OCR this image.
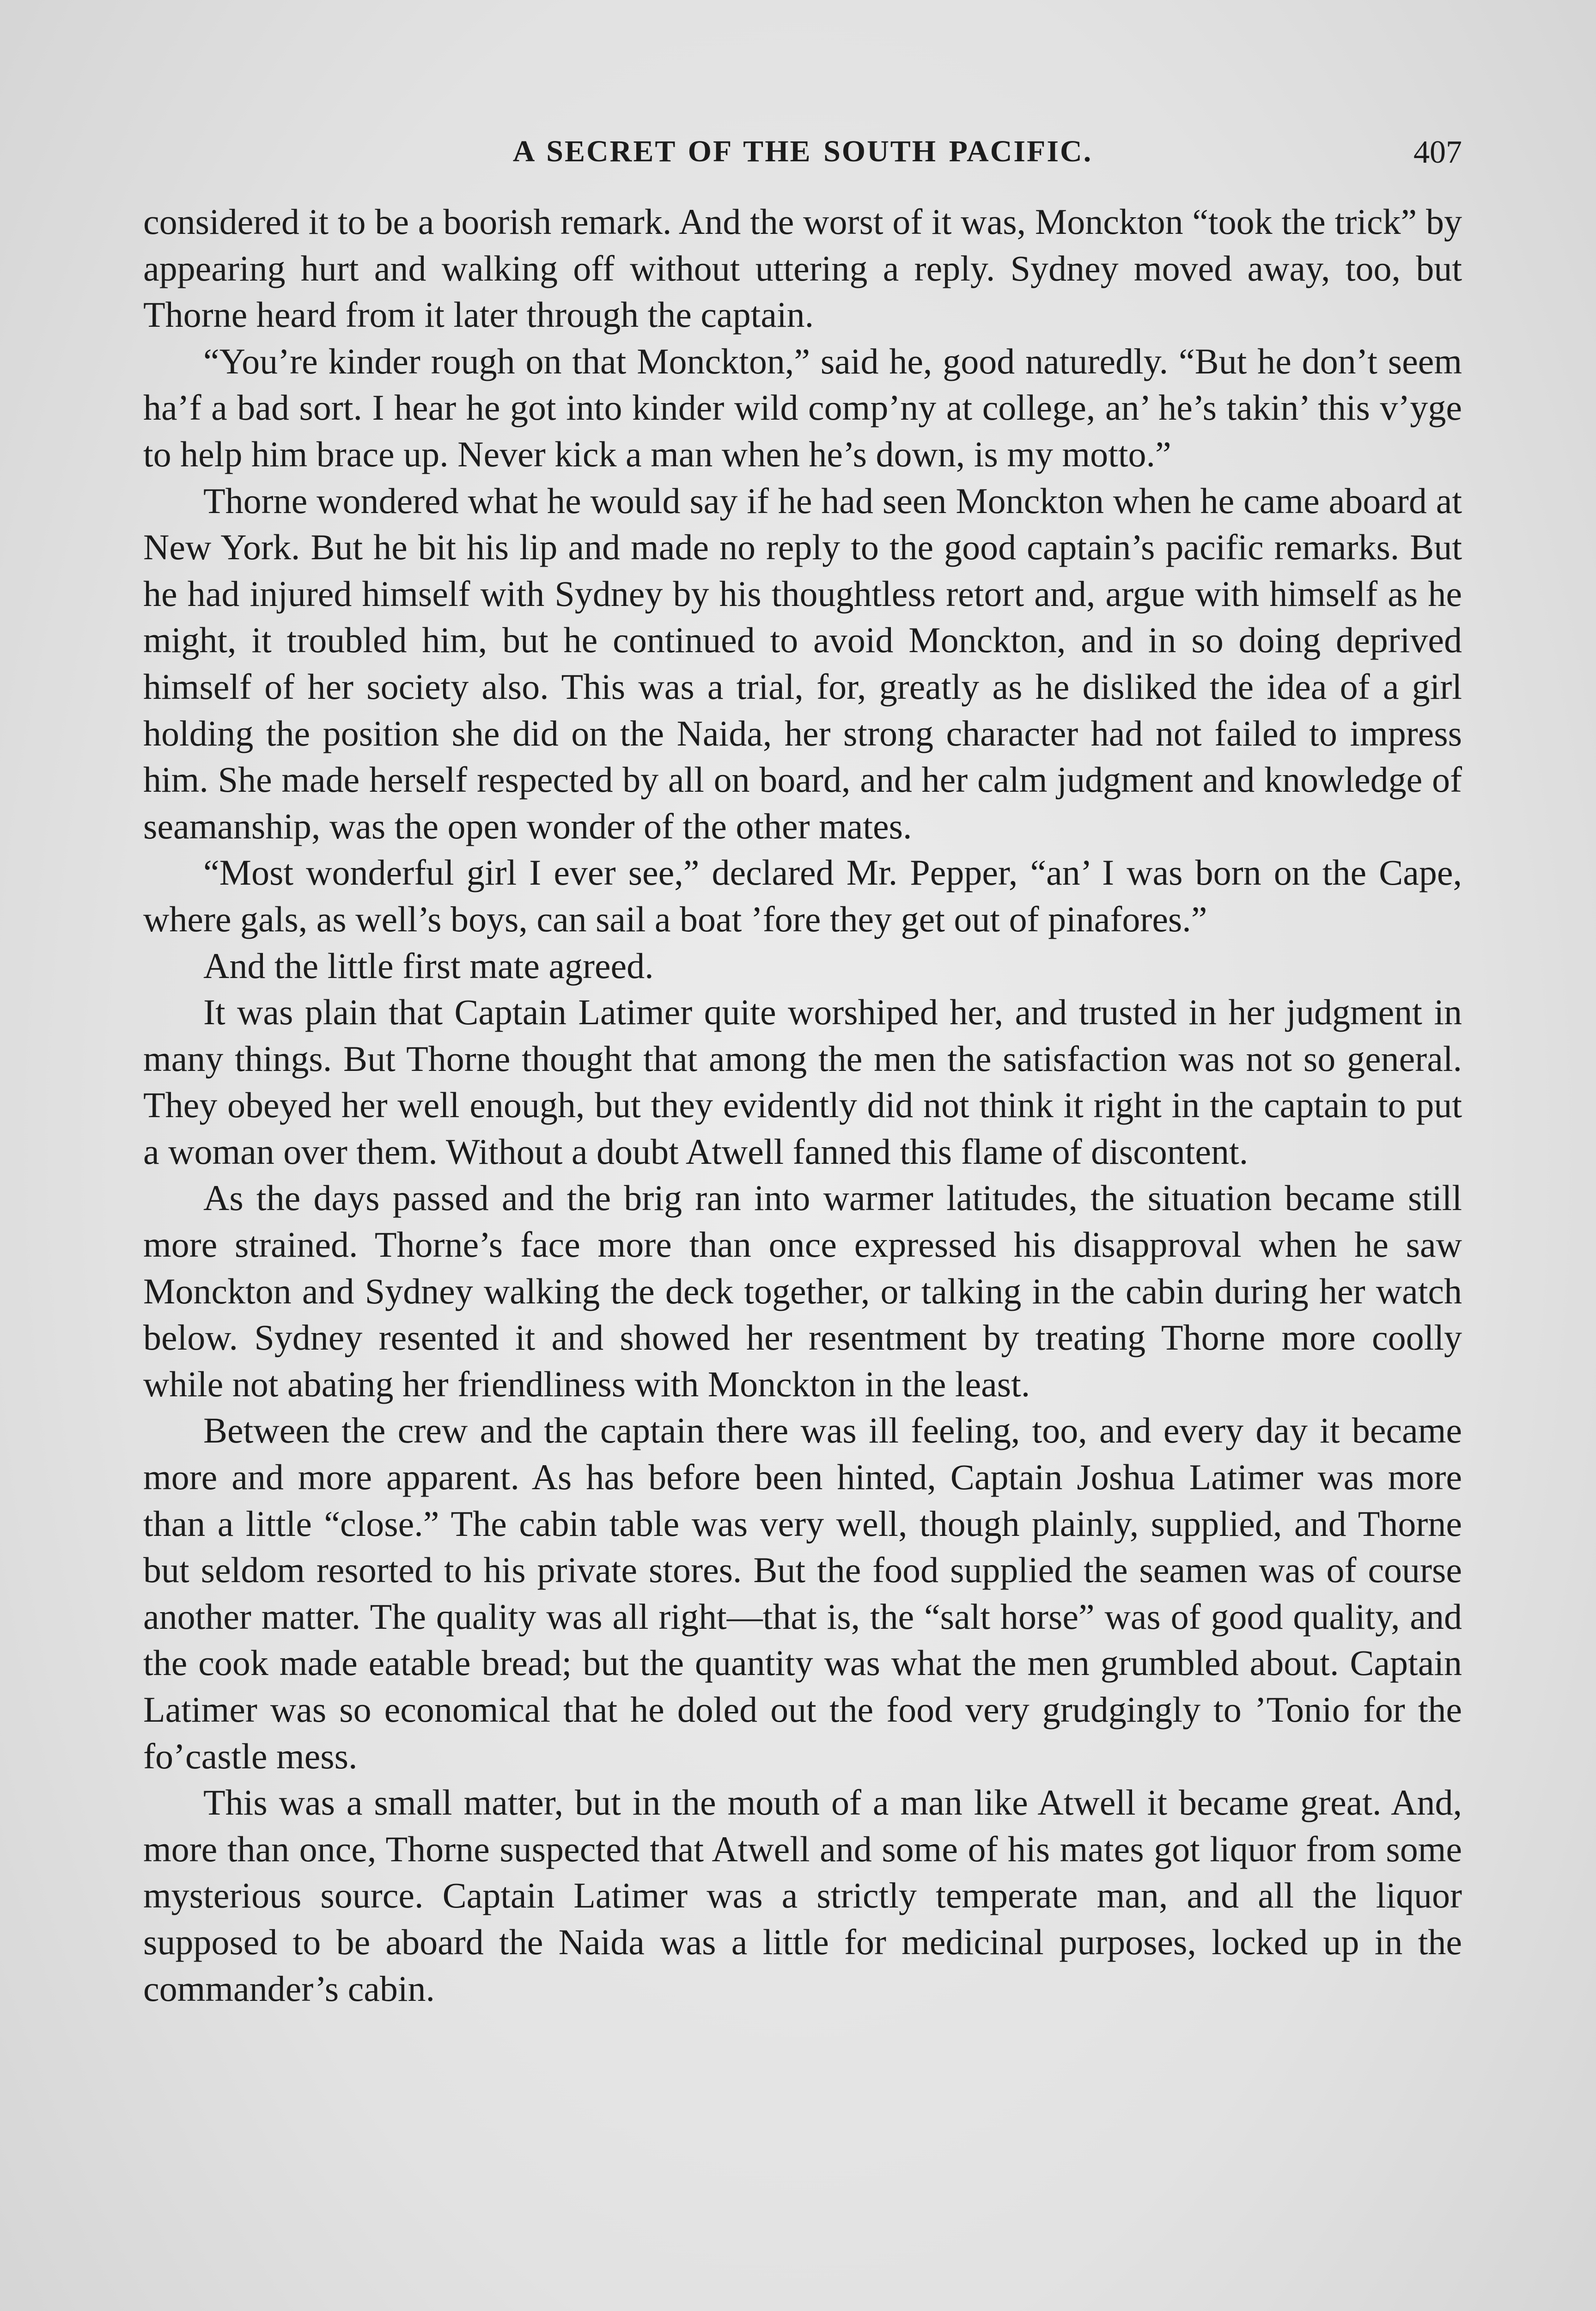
A SECRET OF THE SOUTH PACIFIC.	407

considered it to be a boorish remark. And the worst of it was, Monckton “took the trick” by appearing hurt and walking off without uttering a reply. Sydney moved away, too, but Thorne heard from it later through the captain.

“You’re kinder rough on that Monckton,” said he, good naturedly. “But he don’t seem ha’f a bad sort. I hear he got into kinder wild comp’ny at college, an’ he’s takin’ this v’yge to help him brace up. Never kick a man when he’s down, is my motto.”

Thorne wondered what he would say if he had seen Monckton when he came aboard at New York. But he bit his lip and made no reply to the good captain’s pacific remarks. But he had injured himself with Sydney by his thoughtless retort and, argue with himself as he might, it troubled him, but he continued to avoid Monckton, and in so doing deprived himself of her society also. This was a trial, for, greatly as he disliked the idea of a girl holding the position she did on the Naida, her strong character had not failed to impress him. She made herself respected by all on board, and her calm judgment and knowledge of seamanship, was the open wonder of the other mates.

“Most wonderful girl I ever see,” declared Mr. Pepper, “an’ I was born on the Cape, where gals, as well’s boys, can sail a boat ’fore they get out of pinafores.”

And the little first mate agreed.

It was plain that Captain Latimer quite worshiped her, and trusted in her judgment in many things. But Thorne thought that among the men the satisfaction was not so general. They obeyed her well enough, but they evidently did not think it right in the captain to put a woman over them. Without a doubt Atwell fanned this flame of discontent.

As the days passed and the brig ran into warmer latitudes, the situation became still more strained. Thorne’s face more than once expressed his disapproval when he saw Monckton and Sydney walking the deck together, or talking in the cabin during her watch below. Sydney resented it and showed her resentment by treating Thorne more coolly while not abating her friendliness with Monckton in the least.

Between the crew and the captain there was ill feeling, too, and every day it became more and more apparent. As has before been hinted, Captain Joshua Latimer was more than a little “close.” The cabin table was very well, though plainly, supplied, and Thorne but seldom resorted to his private stores. But the food supplied the seamen was of course another matter. The quality was all right—that is, the “salt horse” was of good quality, and the cook made eatable bread; but the quantity was what the men grumbled about. Captain Latimer was so economical that he doled out the food very grudgingly to ’Tonio for the fo’castle mess.

This was a small matter, but in the mouth of a man like Atwell it became great. And, more than once, Thorne suspected that Atwell and some of his mates got liquor from some mysterious source. Captain Latimer was a strictly temperate man, and all the liquor supposed to be aboard the Naida was a little for medicinal purposes, locked up in the commander’s cabin.
